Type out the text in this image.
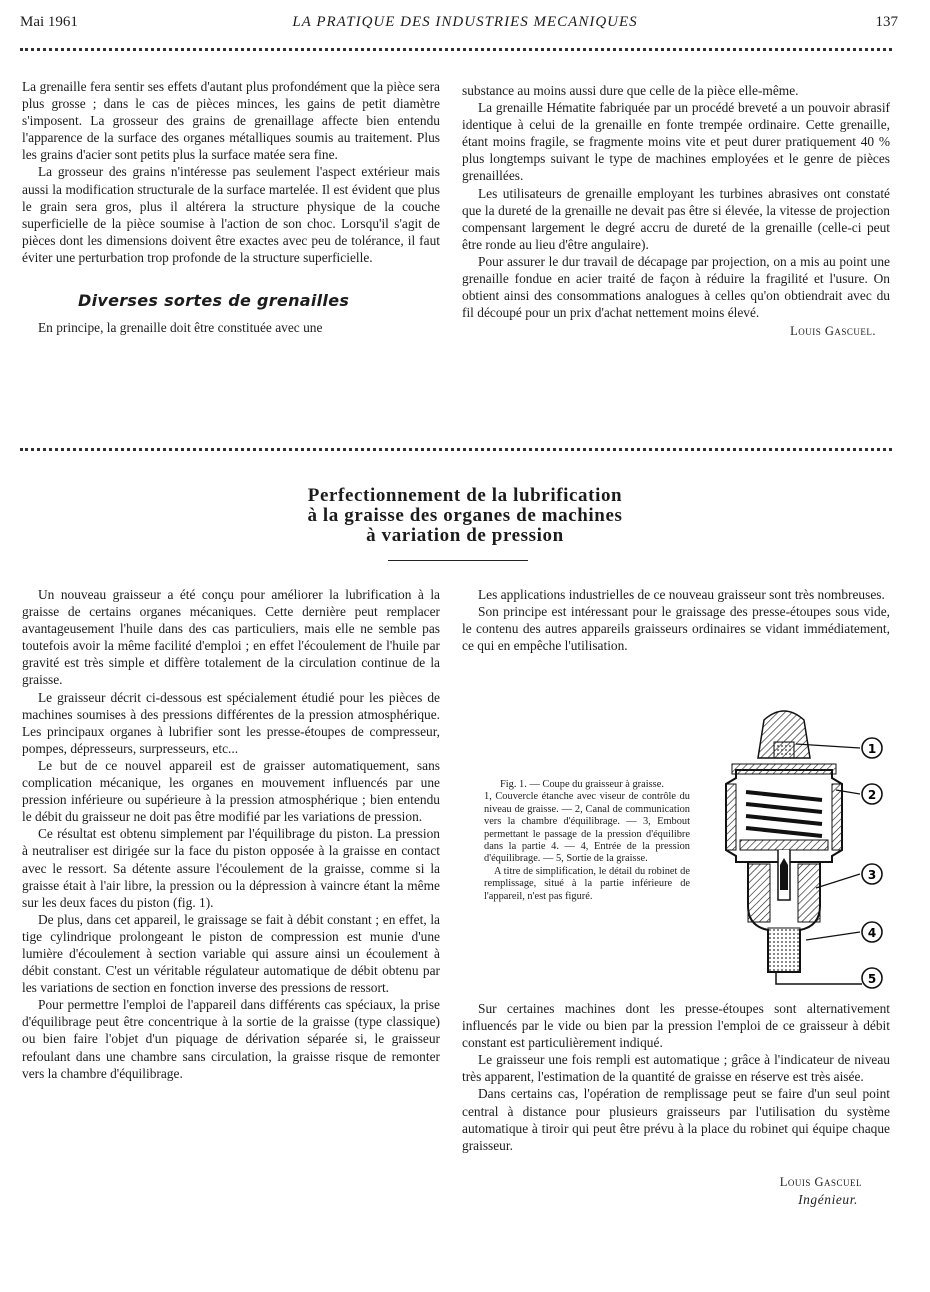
Mai 1961	LA PRATIQUE DES INDUSTRIES MECANIQUES	137

La grenaille fera sentir ses effets d'autant plus profondément que la pièce sera plus grosse ; dans le cas de pièces minces, les gains de petit diamètre s'imposent. La grosseur des grains de grenaillage affecte bien entendu l'apparence de la surface des organes métalliques soumis au traitement. Plus les grains d'acier sont petits plus la surface matée sera fine.

La grosseur des grains n'intéresse pas seulement l'aspect extérieur mais aussi la modification structurale de la surface martelée. Il est évident que plus le grain sera gros, plus il altérera la structure physique de la couche superficielle de la pièce soumise à l'action de son choc. Lorsqu'il s'agit de pièces dont les dimensions doivent être exactes avec peu de tolérance, il faut éviter une perturbation trop profonde de la structure superficielle.

Diverses sortes de grenailles

En principe, la grenaille doit être constituée avec une

substance au moins aussi dure que celle de la pièce elle-même.

La grenaille Hématite fabriquée par un procédé breveté a un pouvoir abrasif identique à celui de la grenaille en fonte trempée ordinaire. Cette grenaille, étant moins fragile, se fragmente moins vite et peut durer pratiquement 40 % plus longtemps suivant le type de machines employées et le genre de pièces grenaillées.

Les utilisateurs de grenaille employant les turbines abrasives ont constaté que la dureté de la grenaille ne devait pas être si élevée, la vitesse de projection compensant largement le degré accru de dureté de la grenaille (celle-ci peut être ronde au lieu d'être angulaire).

Pour assurer le dur travail de décapage par projection, on a mis au point une grenaille fondue en acier traité de façon à réduire la fragilité et l'usure. On obtient ainsi des consommations analogues à celles qu'on obtiendrait avec du fil découpé pour un prix d'achat nettement moins élevé.

Louis Gascuel.
Perfectionnement de la lubrification
à la graisse des organes de machines
à variation de pression

Un nouveau graisseur a été conçu pour améliorer la lubrification à la graisse de certains organes mécaniques. Cette dernière peut remplacer avantageusement l'huile dans des cas particuliers, mais elle ne semble pas toutefois avoir la même facilité d'emploi ; en effet l'écoulement de l'huile par gravité est très simple et diffère totalement de la circulation continue de la graisse.

Le graisseur décrit ci-dessous est spécialement étudié pour les pièces de machines soumises à des pressions différentes de la pression atmosphérique. Les principaux organes à lubrifier sont les presse-étoupes de compresseur, pompes, dépresseurs, surpresseurs, etc...

Le but de ce nouvel appareil est de graisser automatiquement, sans complication mécanique, les organes en mouvement influencés par une pression inférieure ou supérieure à la pression atmosphérique ; bien entendu le débit du graisseur ne doit pas être modifié par les variations de pression.

Ce résultat est obtenu simplement par l'équilibrage du piston. La pression à neutraliser est dirigée sur la face du piston opposée à la graisse en contact avec le ressort. Sa détente assure l'écoulement de la graisse, comme si la graisse était à l'air libre, la pression ou la dépression à vaincre étant la même sur les deux faces du piston (fig. 1).

De plus, dans cet appareil, le graissage se fait à débit constant ; en effet, la tige cylindrique prolongeant le piston de compression est munie d'une lumière d'écoulement à section variable qui assure ainsi un écoulement à débit constant. C'est un véritable régulateur automatique de débit obtenu par les variations de section en fonction inverse des pressions de ressort.

Pour permettre l'emploi de l'appareil dans différents cas spéciaux, la prise d'équilibrage peut être concentrique à la sortie de la graisse (type classique) ou bien faire l'objet d'un piquage de dérivation séparée si, le graisseur refoulant dans une chambre sans circulation, la graisse risque de remonter vers la chambre d'équilibrage.

Les applications industrielles de ce nouveau graisseur sont très nombreuses.

Son principe est intéressant pour le graissage des presse-étoupes sous vide, le contenu des autres appareils graisseurs ordinaires se vidant immédiatement, ce qui en empêche l'utilisation.

Fig. 1. — Coupe du graisseur à graisse.

1, Couvercle étanche avec viseur de contrôle du niveau de graisse. — 2, Canal de communication vers la chambre d'équilibrage. — 3, Embout permettant le passage de la pression d'équilibre dans la partie 4. — 4, Entrée de la pression d'équilibrage. — 5, Sortie de la graisse.

A titre de simplification, le détail du robinet de remplissage, situé à la partie inférieure de l'appareil, n'est pas figuré.

1
2
3
4
5

Sur certaines machines dont les presse-étoupes sont alternativement influencés par le vide ou bien par la pression l'emploi de ce graisseur à débit constant est particulièrement indiqué.

Le graisseur une fois rempli est automatique ; grâce à l'indicateur de niveau très apparent, l'estimation de la quantité de graisse en réserve est très aisée.

Dans certains cas, l'opération de remplissage peut se faire d'un seul point central à distance pour plusieurs graisseurs par l'utilisation du système automatique à tiroir qui peut être prévu à la place du robinet qui équipe chaque graisseur.

Louis Gascuel
Ingénieur.
